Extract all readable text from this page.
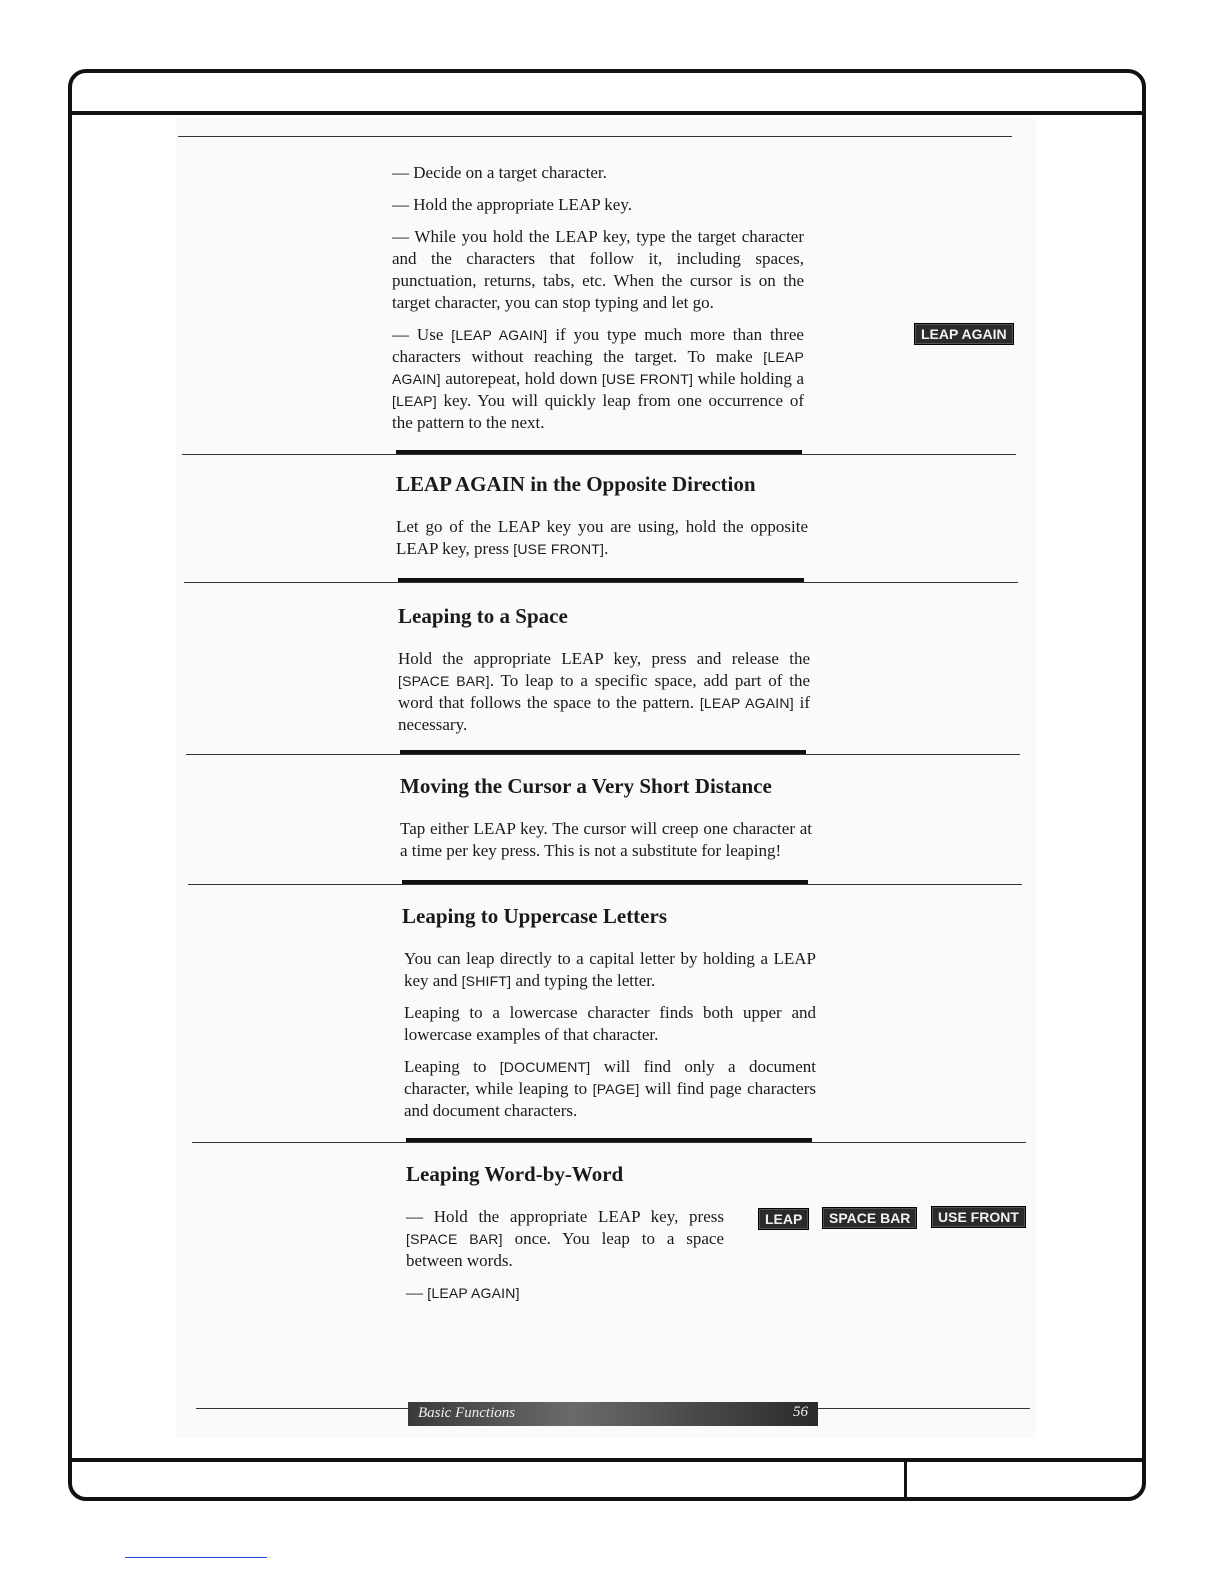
— Decide on a target character.

— Hold the appropriate LEAP key.

— While you hold the LEAP key, type the target character and the characters that follow it, including spaces, punctuation, returns, tabs, etc. When the cursor is on the target character, you can stop typing and let go.

— Use [LEAP AGAIN] if you type much more than three characters without reaching the target. To make [LEAP AGAIN] autorepeat, hold down [USE FRONT] while holding a [LEAP] key. You will quickly leap from one occurrence of the pattern to the next.

LEAP AGAIN
LEAP AGAIN in the Opposite Direction

Let go of the LEAP key you are using, hold the opposite LEAP key, press [USE FRONT].

Leaping to a Space

Hold the appropriate LEAP key, press and release the [SPACE BAR]. To leap to a specific space, add part of the word that follows the space to the pattern. [LEAP AGAIN] if necessary.

Moving the Cursor a Very Short Distance

Tap either LEAP key. The cursor will creep one character at a time per key press. This is not a substitute for leaping!

Leaping to Uppercase Letters

You can leap directly to a capital letter by holding a LEAP key and [SHIFT] and typing the letter.

Leaping to a lowercase character finds both upper and lowercase examples of that character.

Leaping to [DOCUMENT] will find only a document character, while leaping to [PAGE] will find page characters and document characters.

Leaping Word-by-Word

— Hold the appropriate LEAP key, press [SPACE BAR] once. You leap to a space between words.

— [LEAP AGAIN]

LEAP	SPACE BAR	USE FRONT
Basic Functions	56
